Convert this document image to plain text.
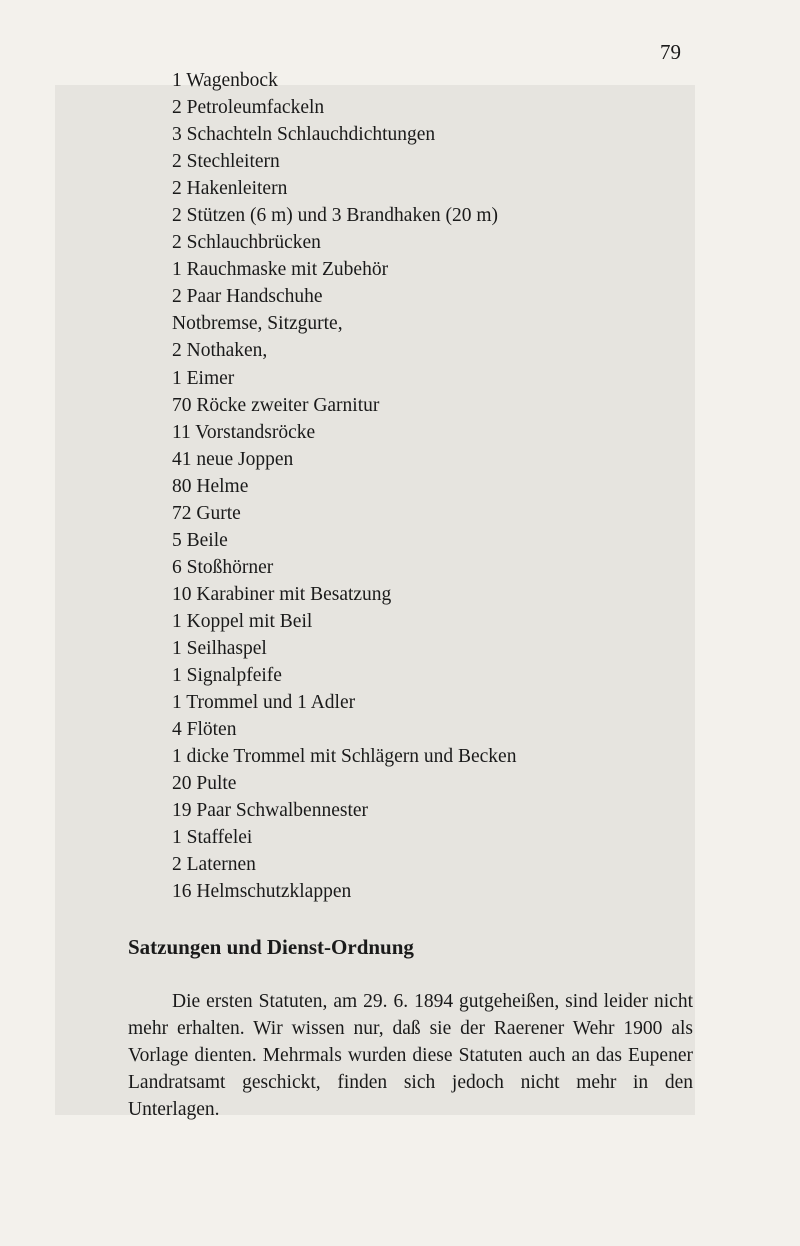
79
1 Wagenbock
2 Petroleumfackeln
3 Schachteln Schlauchdichtungen
2 Stechleitern
2 Hakenleitern
2 Stützen (6 m) und 3 Brandhaken (20 m)
2 Schlauchbrücken
1 Rauchmaske mit Zubehör
2 Paar Handschuhe
Notbremse, Sitzgurte,
2 Nothaken,
1 Eimer
70 Röcke zweiter Garnitur
11 Vorstandsröcke
41 neue Joppen
80 Helme
72 Gurte
5 Beile
6 Stoßhörner
10 Karabiner mit Besatzung
1 Koppel mit Beil
1 Seilhaspel
1 Signalpfeife
1 Trommel und 1 Adler
4 Flöten
1 dicke Trommel mit Schlägern und Becken
20 Pulte
19 Paar Schwalbennester
1 Staffelei
2 Laternen
16 Helmschutzklappen
Satzungen und Dienst-Ordnung

Die ersten Statuten, am 29. 6. 1894 gutgeheißen, sind leider nicht mehr erhalten. Wir wissen nur, daß sie der Raerener Wehr 1900 als Vorlage dienten. Mehrmals wurden diese Statuten auch an das Eupener Landratsamt geschickt, finden sich jedoch nicht mehr in den Unterlagen.
